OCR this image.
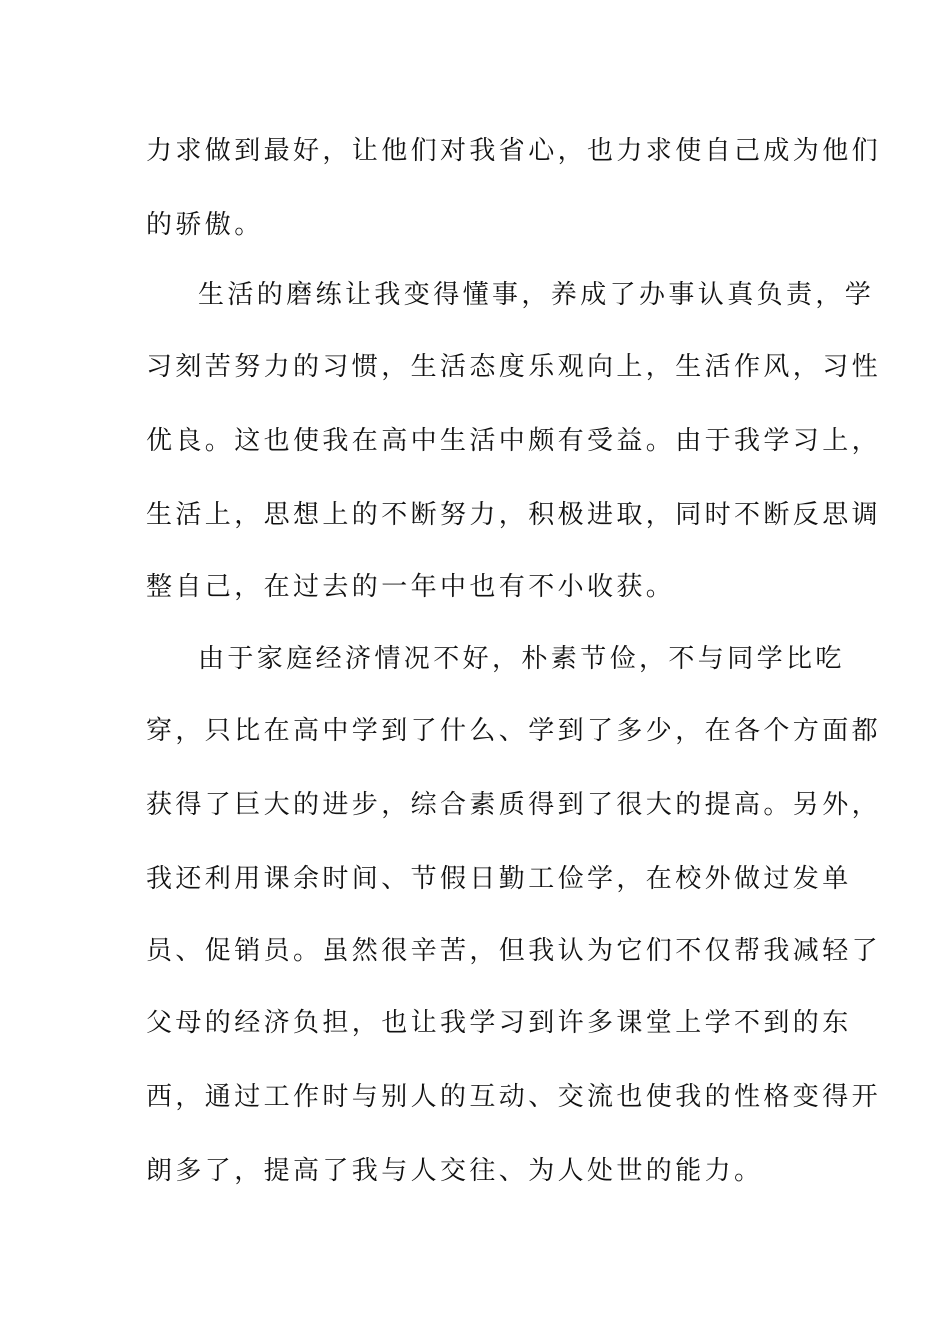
力求做到最好，让他们对我省心，也力求使自己成为他们

的骄傲。

生活的磨练让我变得懂事，养成了办事认真负责，学

习刻苦努力的习惯，生活态度乐观向上，生活作风，习性

优良。这也使我在高中生活中颇有受益。由于我学习上，

生活上，思想上的不断努力，积极进取，同时不断反思调

整自己，在过去的一年中也有不小收获。

由于家庭经济情况不好，朴素节俭，不与同学比吃

穿，只比在高中学到了什么、学到了多少，在各个方面都

获得了巨大的进步，综合素质得到了很大的提高。另外，

我还利用课余时间、节假日勤工俭学，在校外做过发单

员、促销员。虽然很辛苦，但我认为它们不仅帮我减轻了

父母的经济负担，也让我学习到许多课堂上学不到的东

西，通过工作时与别人的互动、交流也使我的性格变得开

朗多了，提高了我与人交往、为人处世的能力。
